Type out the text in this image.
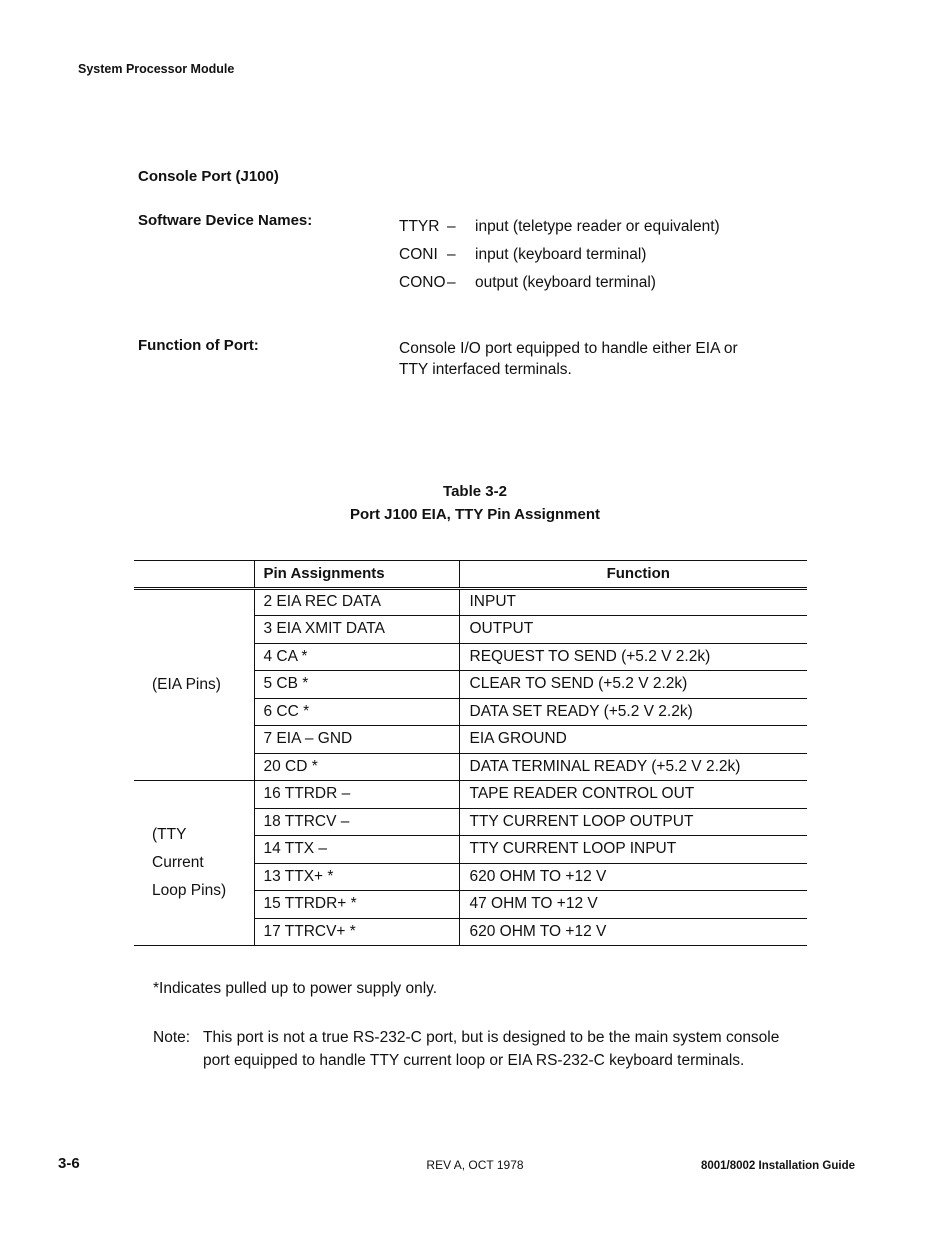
System Processor Module
Console Port (J100)
Software Device Names:	TTYR –	input (teletype reader or equivalent)
CONI –	input (keyboard terminal)
CONO –	output (keyboard terminal)
Function of Port:	Console I/O port equipped to handle either EIA or
TTY interfaced terminals.
Table 3-2
Port J100 EIA, TTY Pin Assignment
	Pin Assignments	Function
(EIA Pins)	2 EIA REC DATA	INPUT
	3 EIA XMIT DATA	OUTPUT
	4 CA *	REQUEST TO SEND (+5.2 V 2.2k)
	5 CB *	CLEAR TO SEND (+5.2 V 2.2k)
	6 CC *	DATA SET READY (+5.2 V 2.2k)
	7 EIA – GND	EIA GROUND
	20 CD *	DATA TERMINAL READY (+5.2 V 2.2k)

(TTY
Current
Loop Pins)	16 TTRDR –	TAPE READER CONTROL OUT
	18 TTRCV –	TTY CURRENT LOOP OUTPUT
	14 TTX –	TTY CURRENT LOOP INPUT
	13 TTX+ *	620 OHM TO +12 V
	15 TTRDR+ *	47 OHM TO +12 V
	17 TTRCV+ *	620 OHM TO +12 V
*Indicates pulled up to power supply only.
Note: This port is not a true RS-232-C port, but is designed to be the main system console
port equipped to handle TTY current loop or EIA RS-232-C keyboard terminals.
3-6	REV A, OCT 1978	8001/8002 Installation Guide
